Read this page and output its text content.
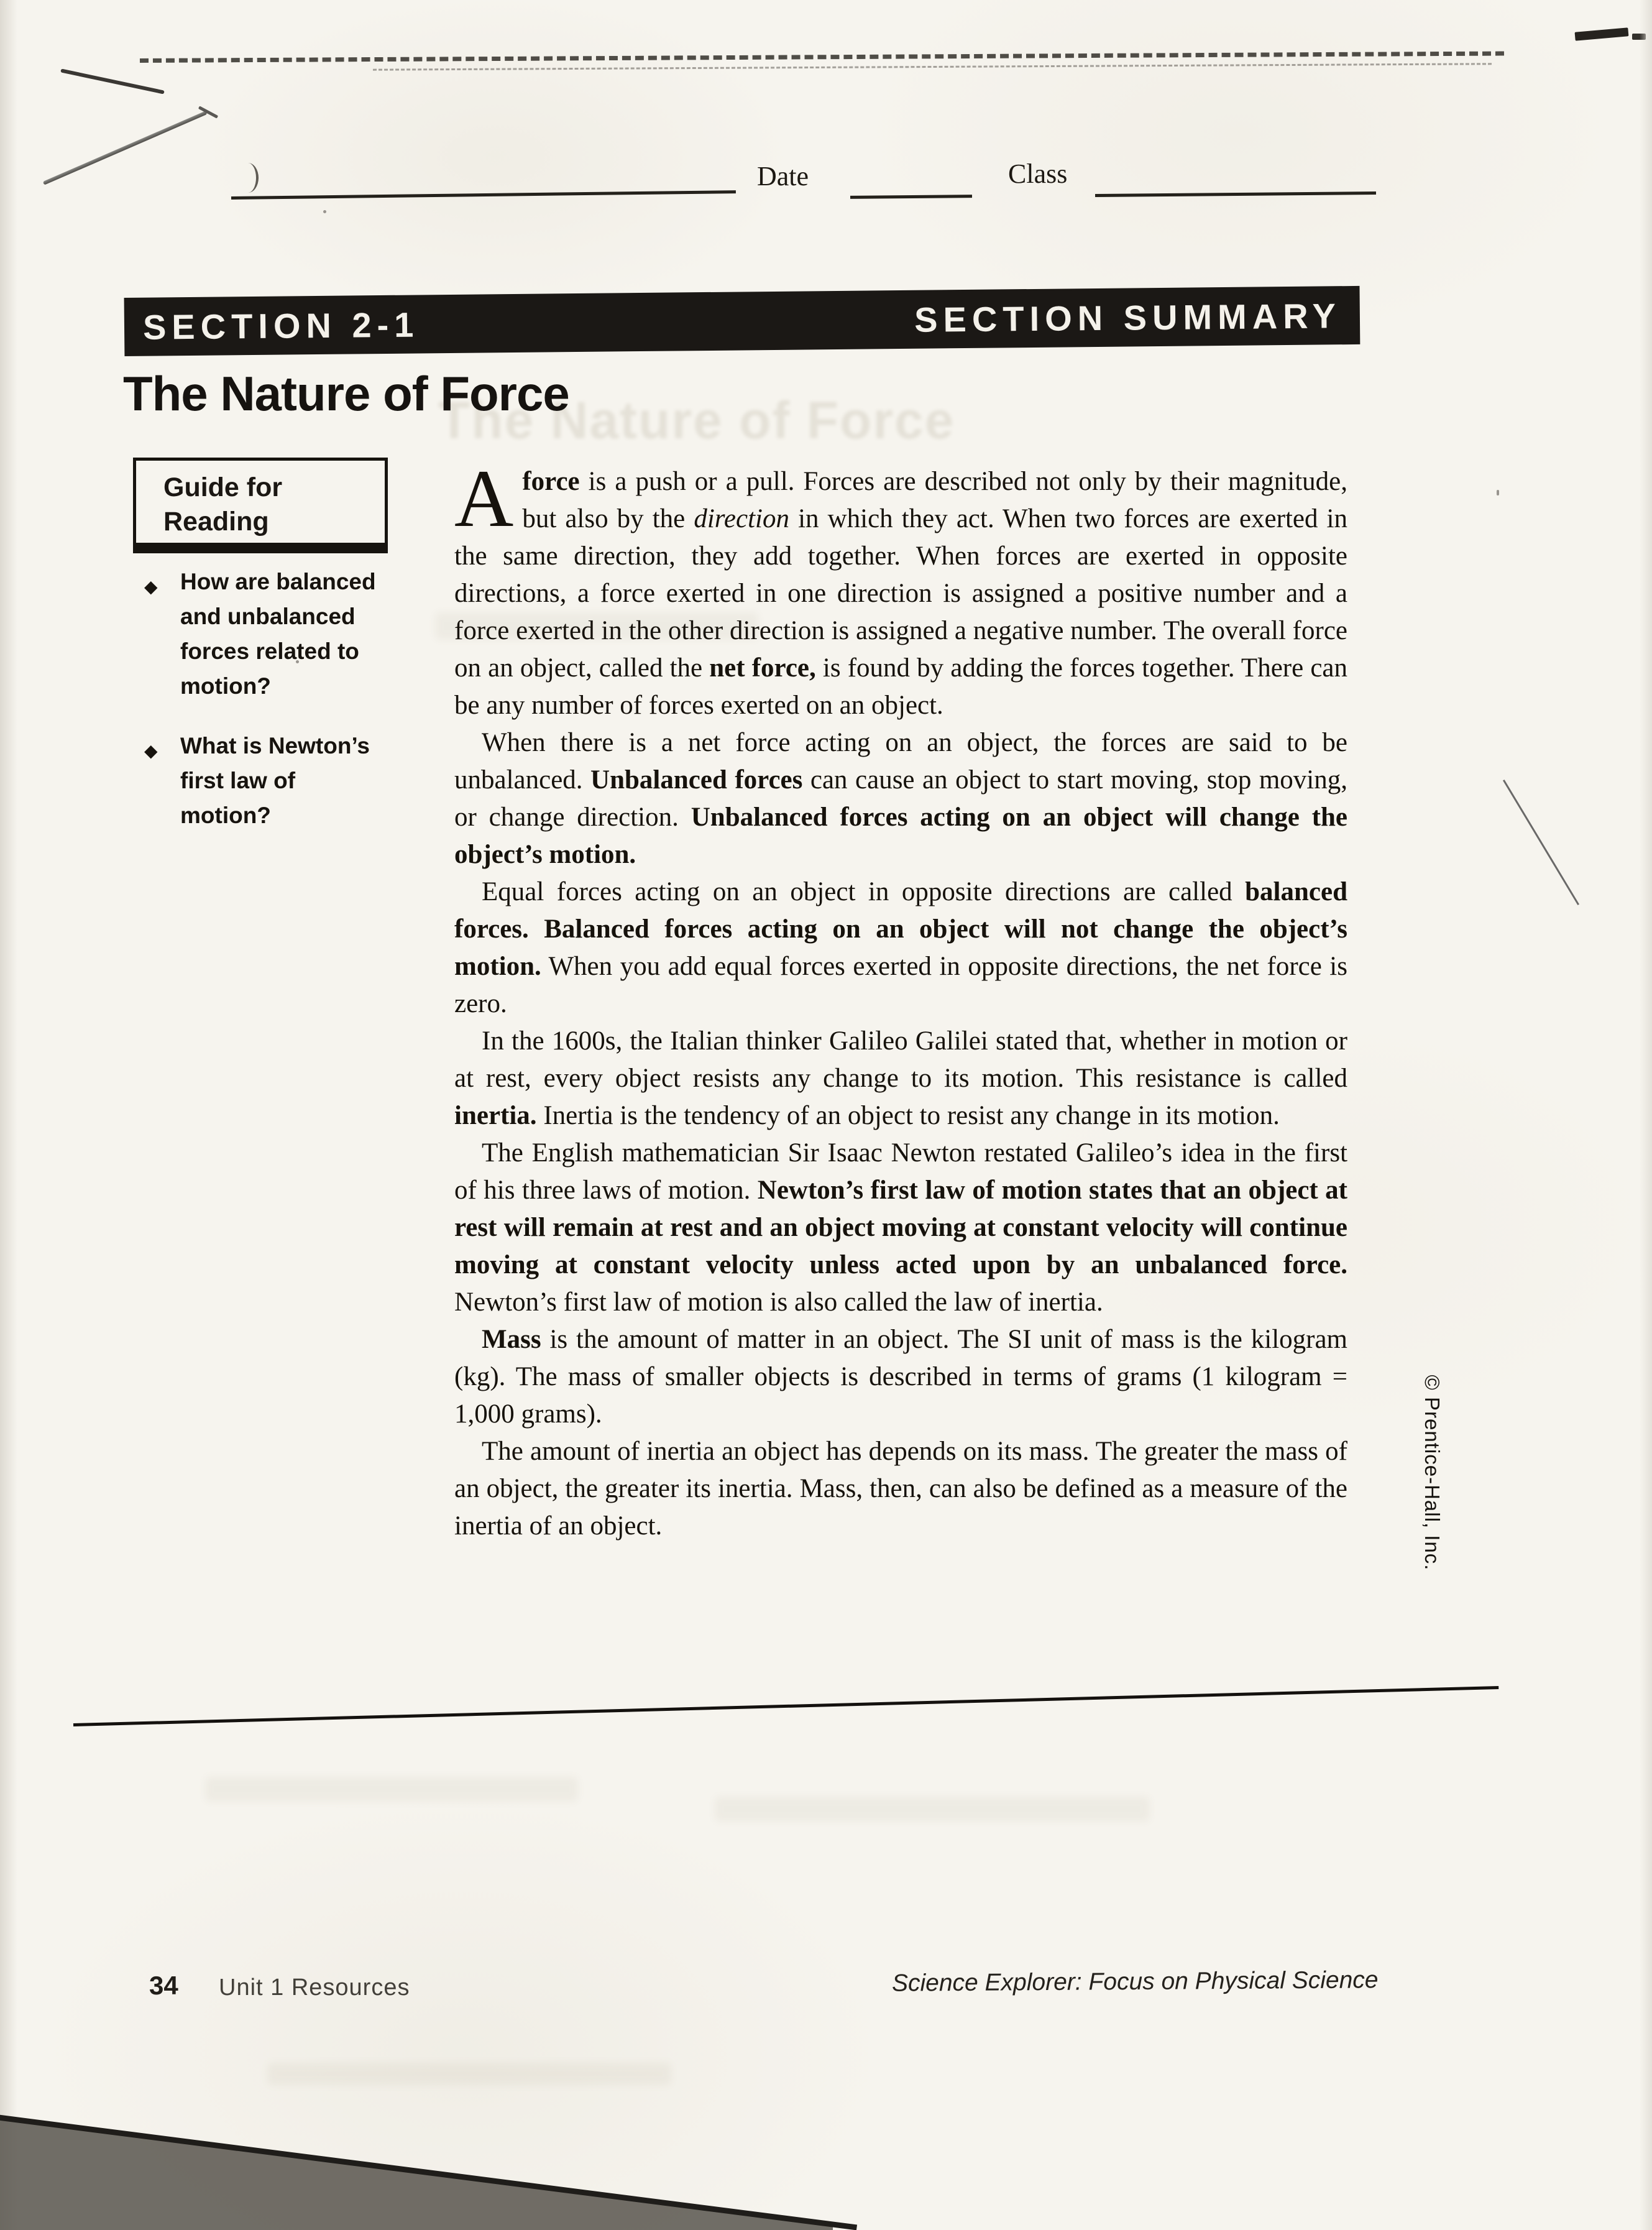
The Nature of Force
Date	Class
SECTION 2-1	SECTION SUMMARY
The Nature of Force
Guide for Reading
◆ How are balanced and unbalanced forces related to motion?
◆ What is Newton’s first law of motion?

Aforce is a push or a pull. Forces are described not only by their magnitude, but also by the direction in which they act. When two forces are exerted in the same direction, they add together. When forces are exerted in opposite directions, a force exerted in one direction is assigned a positive number and a force exerted in the other direction is assigned a negative number. The overall force on an object, called the net force, is found by adding the forces together. There can be any number of forces exerted on an object.

When there is a net force acting on an object, the forces are said to be unbalanced. Unbalanced forces can cause an object to start moving, stop moving, or change direction. Unbalanced forces acting on an object will change the object’s motion.

Equal forces acting on an object in opposite directions are called balanced forces. Balanced forces acting on an object will not change the object’s motion. When you add equal forces exerted in opposite directions, the net force is zero.

In the 1600s, the Italian thinker Galileo Galilei stated that, whether in motion or at rest, every object resists any change to its motion. This resistance is called inertia. Inertia is the tendency of an object to resist any change in its motion.

The English mathematician Sir Isaac Newton restated Galileo’s idea in the first of his three laws of motion. Newton’s first law of motion states that an object at rest will remain at rest and an object moving at constant velocity will continue moving at constant velocity unless acted upon by an unbalanced force. Newton’s first law of motion is also called the law of inertia.

Mass is the amount of matter in an object. The SI unit of mass is the kilogram (kg). The mass of smaller objects is described in terms of grams (1 kilogram = 1,000 grams).

The amount of inertia an object has depends on its mass. The greater the mass of an object, the greater its inertia. Mass, then, can also be defined as a measure of the inertia of an object.	© Prentice-Hall, Inc.
34 Unit 1 Resources	Science Explorer: Focus on Physical Science
